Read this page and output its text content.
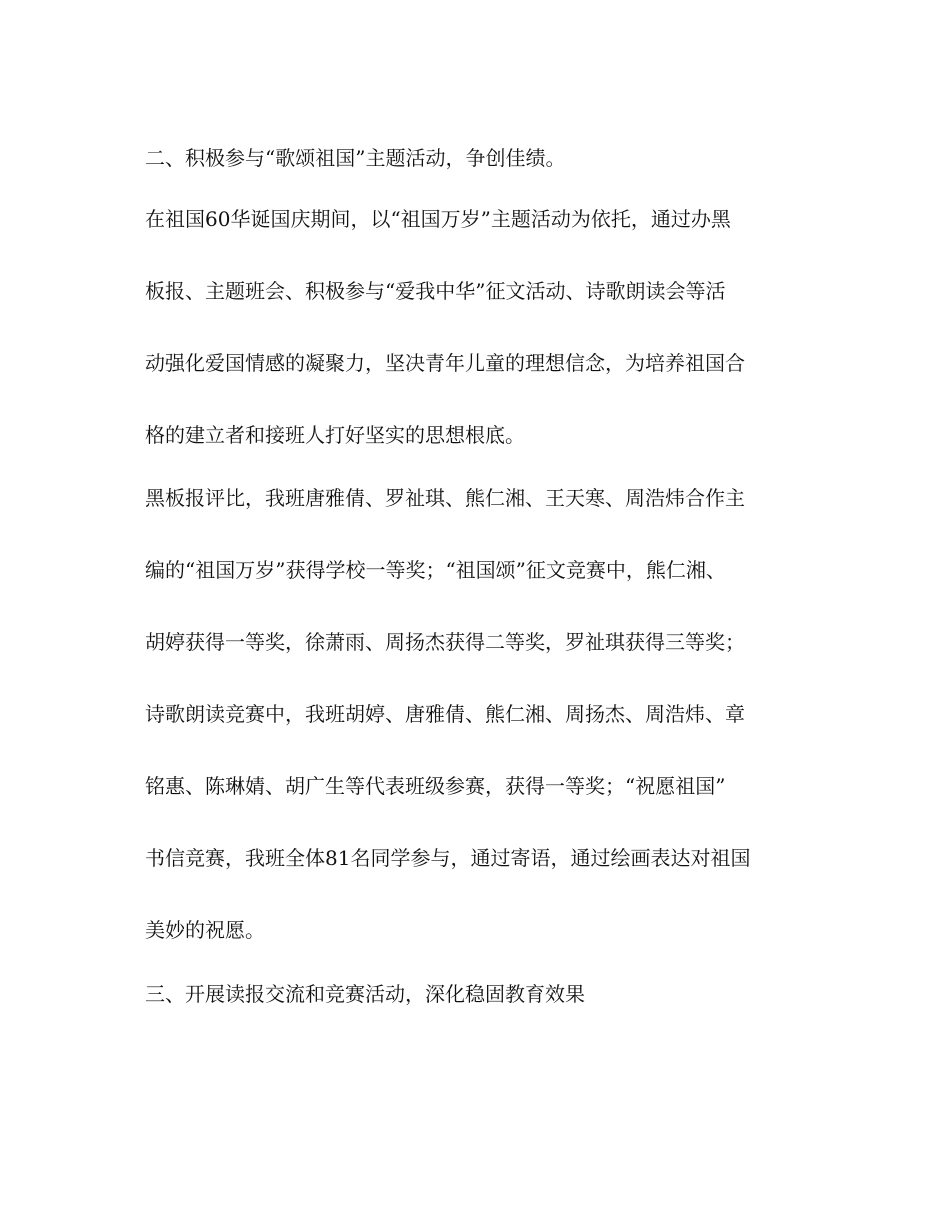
二、积极参与“歌颂祖国”主题活动，争创佳绩。

在祖国60华诞国庆期间，以“祖国万岁”主题活动为依托，通过办黑

板报、主题班会、积极参与“爱我中华”征文活动、诗歌朗读会等活

动强化爱国情感的凝聚力，坚决青年儿童的理想信念，为培养祖国合

格的建立者和接班人打好坚实的思想根底。

黑板报评比，我班唐雅倩、罗祉琪、熊仁湘、王天寒、周浩炜合作主

编的“祖国万岁”获得学校一等奖；“祖国颂”征文竞赛中，熊仁湘、

胡婷获得一等奖，徐萧雨、周扬杰获得二等奖，罗祉琪获得三等奖；

诗歌朗读竞赛中，我班胡婷、唐雅倩、熊仁湘、周扬杰、周浩炜、章

铭惠、陈琳婧、胡广生等代表班级参赛，获得一等奖；“祝愿祖国”

书信竞赛，我班全体81名同学参与，通过寄语，通过绘画表达对祖国

美妙的祝愿。

三、开展读报交流和竞赛活动，深化稳固教育效果
